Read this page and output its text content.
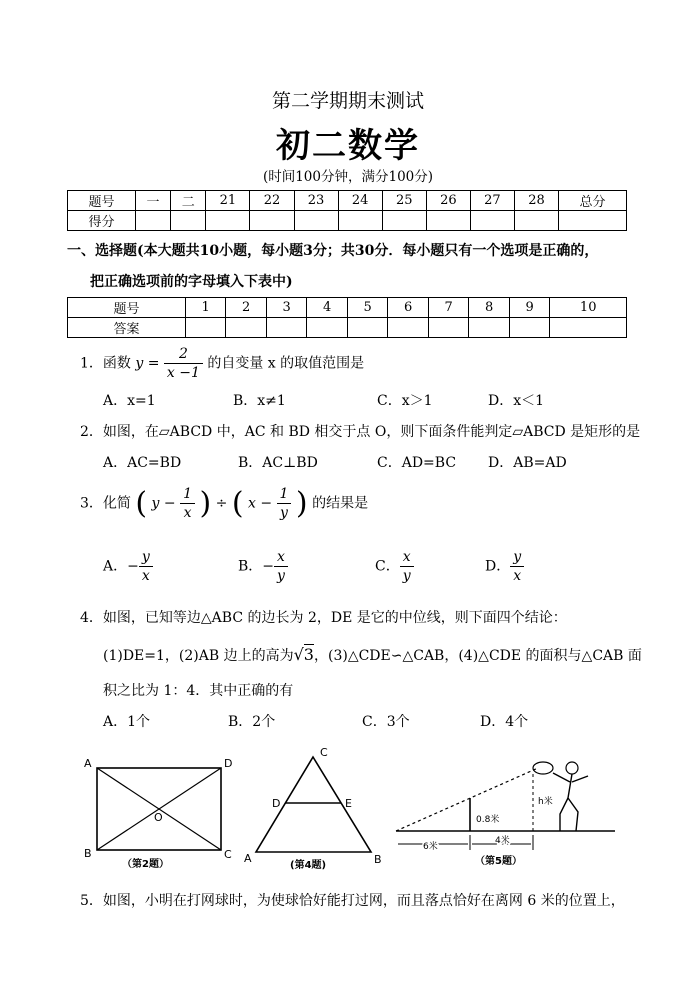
第二学期期末测试
初二数学
(时间100分钟，满分100分)
题号	一	二	21	22	23	24	25	26	27	28	总分
得分											
一、选择题(本大题共10小题，每小题3分；共30分．每小题只有一个选项是正确的，
把正确选项前的字母填入下表中)
题号	1	2	3	4	5	6	7	8	9	10
答案										
1．函数 $y = \frac{2}{x -1}$ 的自变量 x 的取值范围是
A．x=1	B．x≠1	C．x＞1	D．x＜1
2．如图，在▱ABCD 中，AC 和 BD 相交于点 O，则下面条件能判定▱ABCD 是矩形的是
A．AC=BD	B．AC⊥BD	C．AD=BC D．AB=AD
3．化简 ( $y - \frac{1}{x}$ ) ÷ ( $x - \frac{1}{y}$ ) 的结果是
A．− $\frac{y}{x}$	B．− $\frac{x}{y}$	C． $\frac{x}{y}$	D． $\frac{y}{x}$
4．如图，已知等边△ABC 的边长为 2，DE 是它的中位线，则下面四个结论：
(1)DE=1，(2)AB 边上的高为√3，(3)△CDE∽△CAB，(4)△CDE 的面积与△CAB 面
积之比为 1：4．其中正确的有
A．1个	B．2个	C．3个	D．4个
A	D
B	C
O
（第2题）
C
D	E
A	B
(第4题)
0.8米
h米
6米
4米
（第5题）
5．如图，小明在打网球时，为使球恰好能打过网，而且落点恰好在离网 6 米的位置上，
